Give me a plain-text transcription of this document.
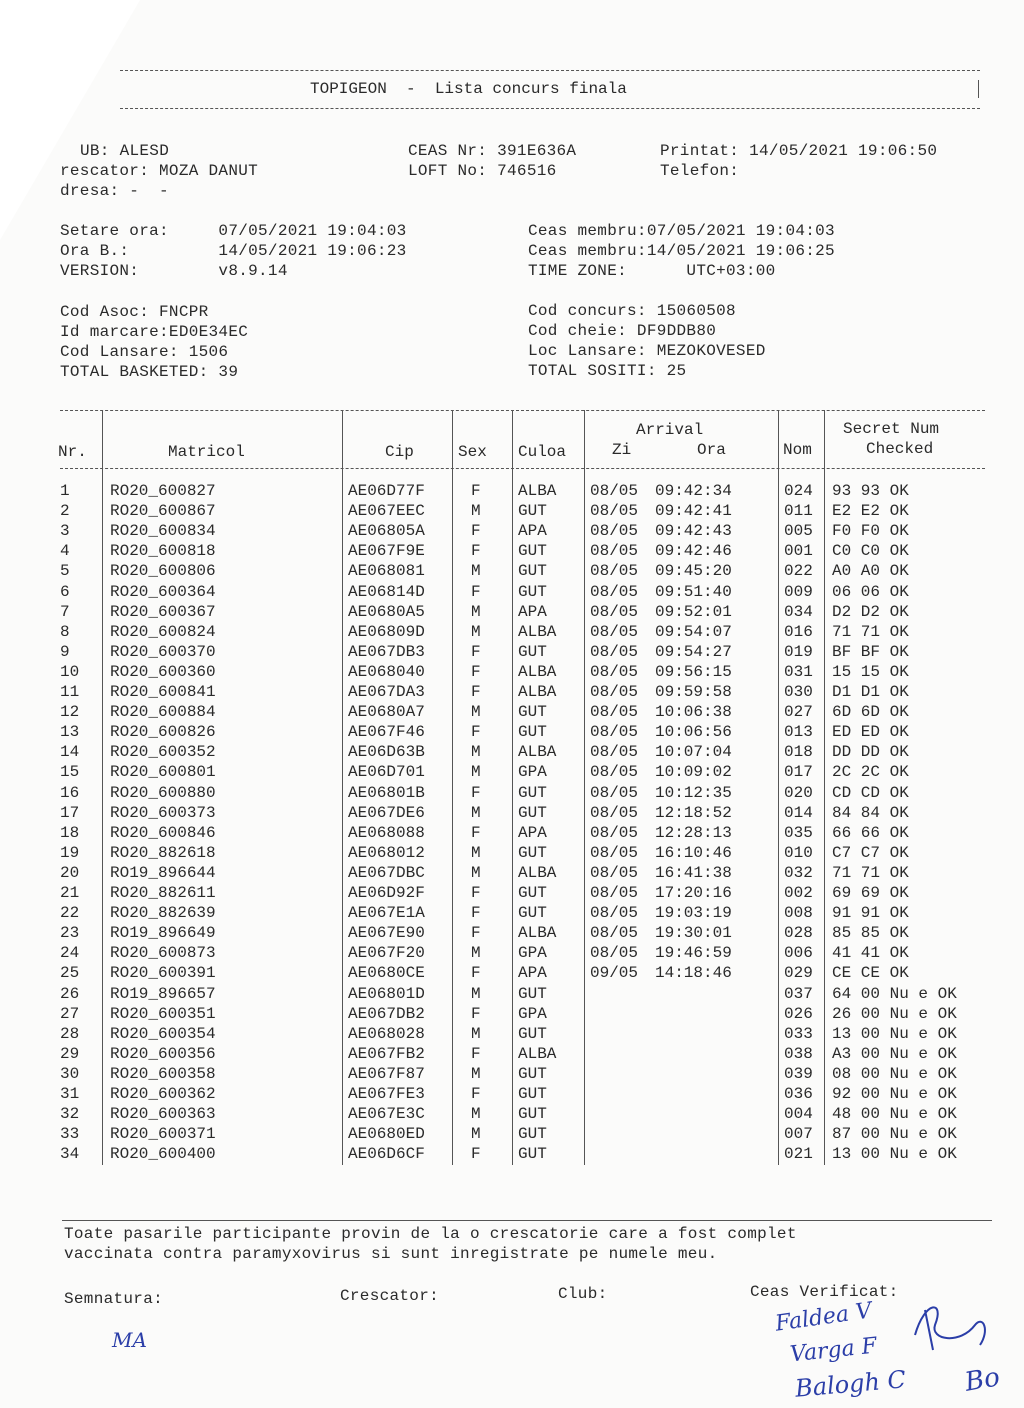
TOPIGEON  -  Lista concurs finala
UB: ALESD
rescator: MOZA DANUT
dresa: -  -
CEAS Nr: 391E636A
LOFT No: 746516
Printat: 14/05/2021 19:06:50
Telefon:
Setare ora:     07/05/2021 19:04:03
Ora B.:         14/05/2021 19:06:23
VERSION:        v8.9.14
Ceas membru:07/05/2021 19:04:03
Ceas membru:14/05/2021 19:06:25
TIME ZONE:      UTC+03:00
Cod Asoc: FNCPR
Id marcare:ED0E34EC
Cod Lansare: 1506
TOTAL BASKETED: 39
Cod concurs: 15060508
Cod cheie: DF9DDB80
Loc Lansare: MEZOKOVESED
TOTAL SOSITI: 25
Nr.	Matricol	Cip	Sex Culoa
Arrival
Zi	Ora	Nom
Secret Num
Checked
1	RO20_600827	AE06D77F	F ALBA 08/05 09:42:34	024 93 93 OK
2	RO20_600867	AE067EEC	M GUT	08/05 09:42:41	011 E2 E2 OK
3	RO20_600834	AE06805A	F APA	08/05 09:42:43	005 F0 F0 OK
4	RO20_600818	AE067F9E	F GUT	08/05 09:42:46	001 C0 C0 OK
5	RO20_600806	AE068081	M GUT	08/05 09:45:20	022 A0 A0 OK
6	RO20_600364	AE06814D	F GUT	08/05 09:51:40	009 06 06 OK
7	RO20_600367	AE0680A5	M APA	08/05 09:52:01	034 D2 D2 OK
8	RO20_600824	AE06809D	M ALBA 08/05 09:54:07	016 71 71 OK
9	RO20_600370	AE067DB3	F GUT	08/05 09:54:27	019 BF BF OK
10 RO20_600360	AE068040	F ALBA 08/05 09:56:15	031 15 15 OK
11 RO20_600841	AE067DA3	F ALBA 08/05 09:59:58	030 D1 D1 OK
12 RO20_600884	AE0680A7	M GUT	08/05 10:06:38	027 6D 6D OK
13 RO20_600826	AE067F46	F GUT	08/05 10:06:56	013 ED ED OK
14 RO20_600352	AE06D63B	M ALBA 08/05 10:07:04	018 DD DD OK
15 RO20_600801	AE06D701	M GPA	08/05 10:09:02	017 2C 2C OK
16 RO20_600880	AE06801B	F GUT	08/05 10:12:35	020 CD CD OK
17 RO20_600373	AE067DE6	M GUT	08/05 12:18:52	014 84 84 OK
18 RO20_600846	AE068088	F APA	08/05 12:28:13	035 66 66 OK
19 RO20_882618	AE068012	M GUT	08/05 16:10:46	010 C7 C7 OK
20 RO19_896644	AE067DBC	M ALBA 08/05 16:41:38	032 71 71 OK
21 RO20_882611	AE06D92F	F GUT	08/05 17:20:16	002 69 69 OK
22 RO20_882639	AE067E1A	F GUT	08/05 19:03:19	008 91 91 OK
23 RO19_896649	AE067E90	F ALBA 08/05 19:30:01	028 85 85 OK
24 RO20_600873	AE067F20	M GPA	08/05 19:46:59	006 41 41 OK
25 RO20_600391	AE0680CE	F APA	09/05 14:18:46	029 CE CE OK
26 RO19_896657	AE06801D	M GUT	037 64 00 Nu e OK
27 RO20_600351	AE067DB2	F GPA	026 26 00 Nu e OK
28 RO20_600354	AE068028	M GUT	033 13 00 Nu e OK
29 RO20_600356	AE067FB2	F ALBA	038 A3 00 Nu e OK
30 RO20_600358	AE067F87	M GUT	039 08 00 Nu e OK
31 RO20_600362	AE067FE3	F GUT	036 92 00 Nu e OK
32 RO20_600363	AE067E3C	M GUT	004 48 00 Nu e OK
33 RO20_600371	AE0680ED	M GUT	007 87 00 Nu e OK
34 RO20_600400	AE06D6CF	F GUT	021 13 00 Nu e OK
Toate pasarile participante provin de la o crescatorie care a fost complet
vaccinata contra paramyxovirus si sunt inregistrate pe numele meu.
Semnatura:	Crescator:	Club:	Ceas Verificat:
MA
Faldea V
Varga F
Balogh C Bo
